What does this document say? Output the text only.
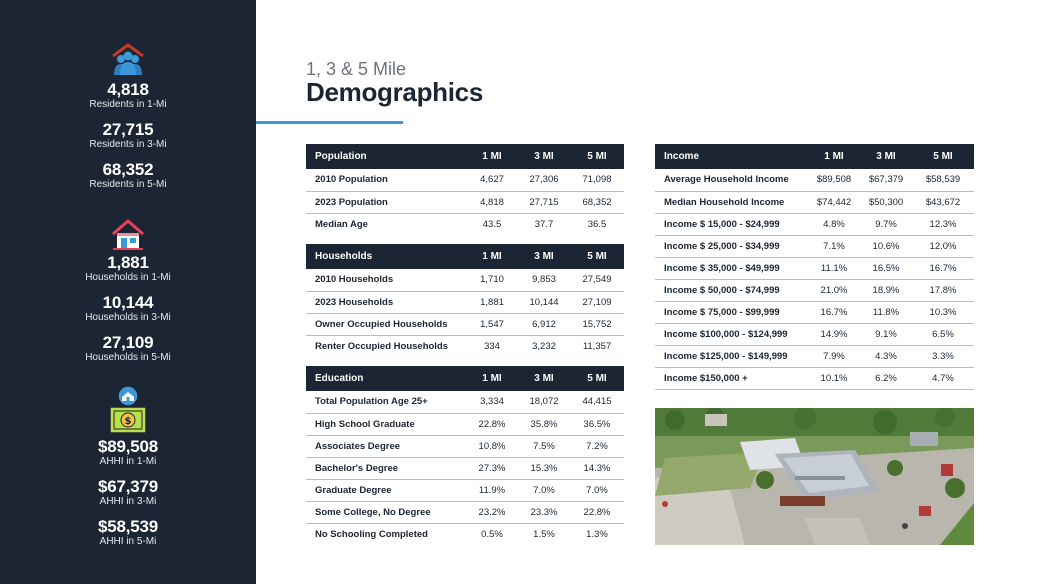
4,818
Residents in 1-Mi
27,715
Residents in 3-Mi
68,352
Residents in 5-Mi
1,881
Households in 1-Mi
10,144
Households in 3-Mi
27,109
Households in 5-Mi
$
$89,508
AHHI in 1-Mi
$67,379
AHHI in 3-Mi
$58,539
AHHI in 5-Mi
1, 3 & 5 Mile
Demographics
Population	1 MI	3 MI	5 MI
2010 Population	4,627	27,306	71,098
2023 Population	4,818	27,715	68,352
Median Age	43.5	37.7	36.5
Households	1 MI	3 MI	5 MI
2010 Households	1,710	9,853	27,549
2023 Households	1,881	10,144	27,109
Owner Occupied Households	1,547	6,912	15,752
Renter Occupied Households	334	3,232	11,357
Education	1 MI	3 MI	5 MI
Total Population Age 25+	3,334	18,072	44,415
High School Graduate	22.8%	35.8%	36.5%
Associates Degree	10.8%	7.5%	7.2%
Bachelor's Degree	27.3%	15.3%	14.3%
Graduate Degree	11.9%	7.0%	7.0%
Some College, No Degree	23.2%	23.3%	22.8%
No Schooling Completed	0.5%	1.5%	1.3%
Income	1 MI	3 MI	5 MI
Average Household Income	$89,508	$67,379	$58,539
Median Household Income	$74,442	$50,300	$43,672
Income $ 15,000 - $24,999	4.8%	9.7%	12.3%
Income $ 25,000 - $34,999	7.1%	10.6%	12.0%
Income $ 35,000 - $49,999	11.1%	16.5%	16.7%
Income $ 50,000 - $74,999	21.0%	18.9%	17.8%
Income $ 75,000 - $99,999	16.7%	11.8%	10.3%
Income $100,000 - $124,999	14.9%	9.1%	6.5%
Income $125,000 - $149,999	7.9%	4.3%	3.3%
Income $150,000 +	10.1%	6.2%	4.7%
